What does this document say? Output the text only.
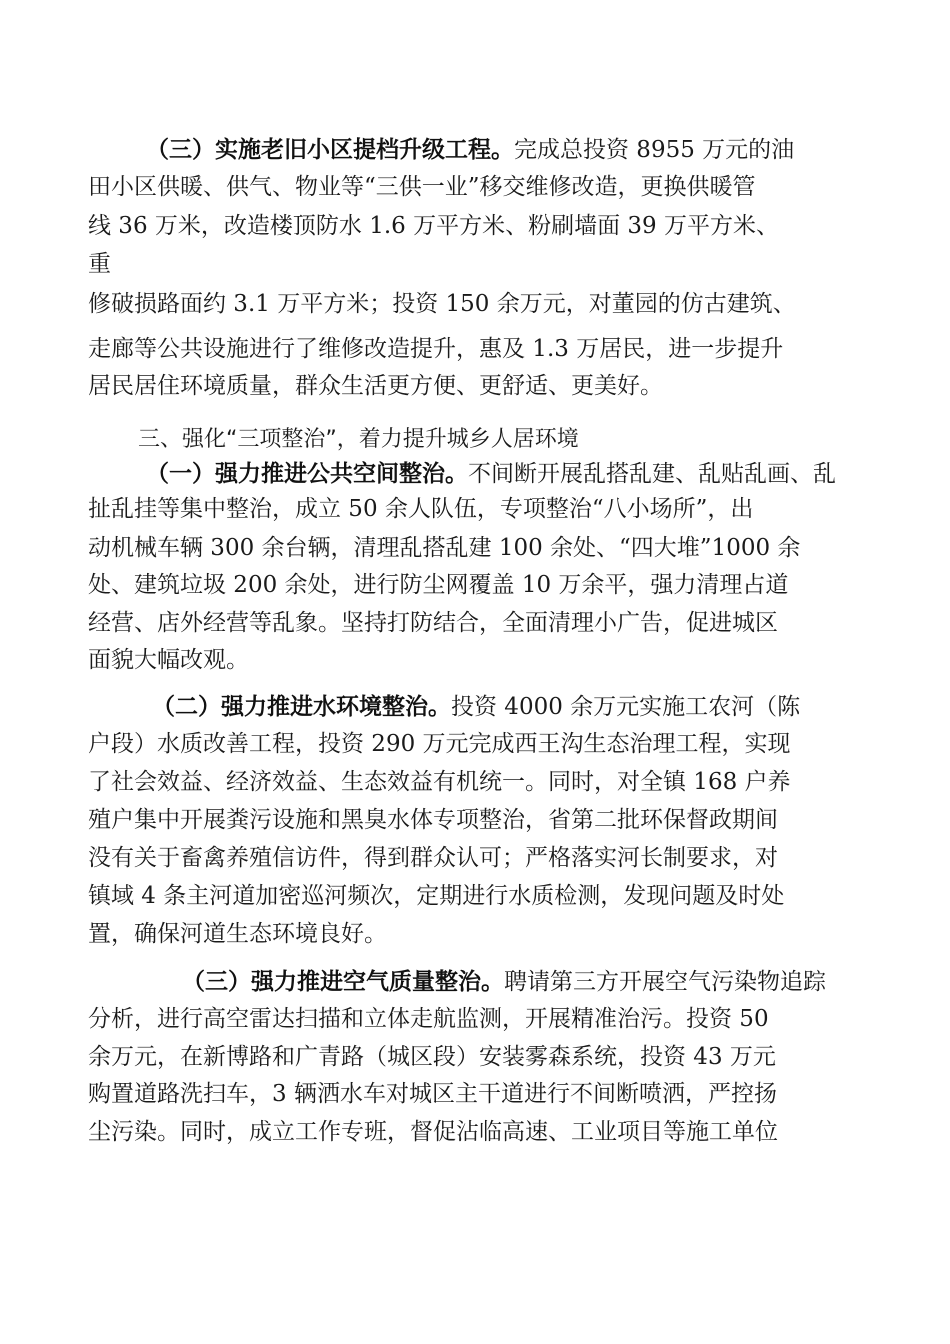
（三）实施老旧小区提档升级工程。完成总投资 8955 万元的油
田小区供暖、供气、物业等“三供一业”移交维修改造，更换供暖管
线 36 万米，改造楼顶防水 1.6 万平方米、粉刷墙面 39 万平方米、
重
修破损路面约 3.1 万平方米；投资 150 余万元，对董园的仿古建筑、
走廊等公共设施进行了维修改造提升，惠及 1.3 万居民，进一步提升
居民居住环境质量，群众生活更方便、更舒适、更美好。
三、强化“三项整治”，着力提升城乡人居环境
（一）强力推进公共空间整治。不间断开展乱搭乱建、乱贴乱画、乱
扯乱挂等集中整治，成立 50 余人队伍，专项整治“八小场所”，出
动机械车辆 300 余台辆，清理乱搭乱建 100 余处、“四大堆”1000 余
处、建筑垃圾 200 余处，进行防尘网覆盖 10 万余平，强力清理占道
经营、店外经营等乱象。坚持打防结合，全面清理小广告，促进城区
面貌大幅改观。
（二）强力推进水环境整治。投资 4000 余万元实施工农河（陈
户段）水质改善工程，投资 290 万元完成西王沟生态治理工程，实现
了社会效益、经济效益、生态效益有机统一。同时，对全镇 168 户养
殖户集中开展粪污设施和黑臭水体专项整治，省第二批环保督政期间
没有关于畜禽养殖信访件，得到群众认可；严格落实河长制要求，对
镇域 4 条主河道加密巡河频次，定期进行水质检测，发现问题及时处
置，确保河道生态环境良好。
（三）强力推进空气质量整治。聘请第三方开展空气污染物追踪
分析，进行高空雷达扫描和立体走航监测，开展精准治污。投资 50
余万元，在新博路和广青路（城区段）安装雾森系统，投资 43 万元
购置道路洗扫车，3 辆洒水车对城区主干道进行不间断喷洒，严控扬
尘污染。同时，成立工作专班，督促沾临高速、工业项目等施工单位
